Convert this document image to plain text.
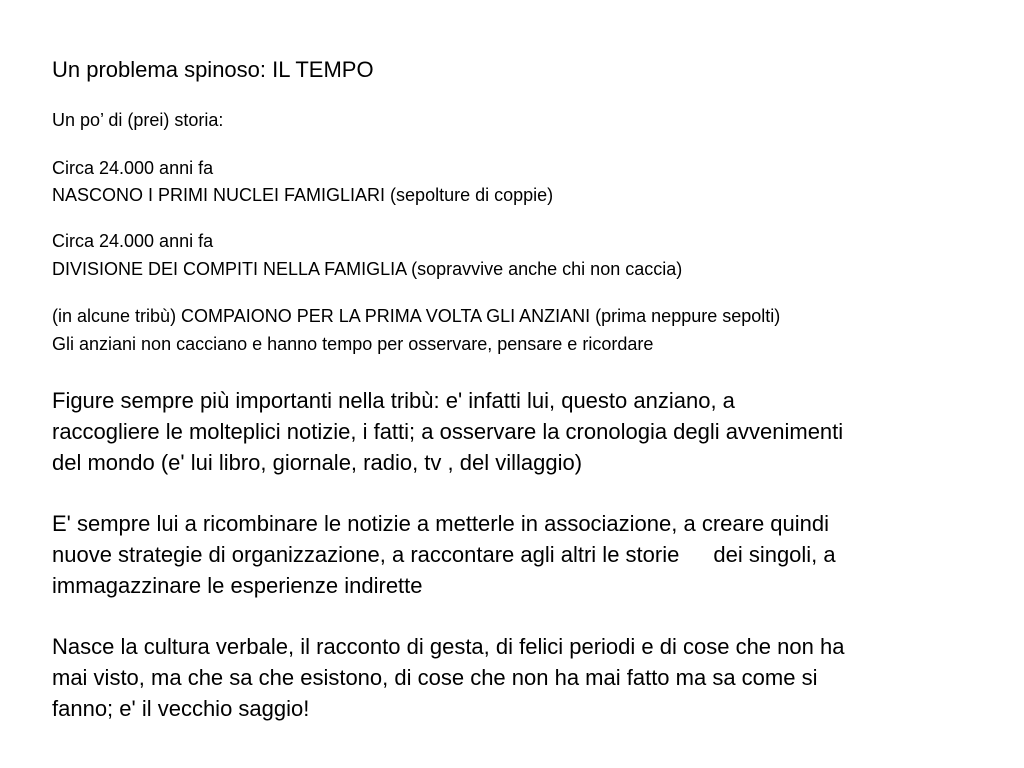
Un problema spinoso: IL TEMPO
Un po’ di (prei) storia:
Circa 24.000 anni fa
NASCONO I PRIMI NUCLEI FAMIGLIARI (sepolture di coppie)
Circa 24.000 anni fa
DIVISIONE DEI COMPITI NELLA FAMIGLIA (sopravvive anche chi non caccia)
(in alcune tribù) COMPAIONO PER LA PRIMA VOLTA GLI ANZIANI (prima neppure sepolti)
Gli anziani non cacciano e hanno tempo per osservare, pensare e ricordare
Figure sempre più importanti nella tribù: e' infatti lui, questo anziano, a
raccogliere le molteplici notizie, i fatti; a osservare la cronologia degli avvenimenti
del mondo (e' lui libro, giornale, radio, tv , del villaggio)
E' sempre lui a ricombinare le notizie a metterle in associazione, a creare quindi
nuove strategie di organizzazione, a raccontare agli altri le storie dei singoli, a
immagazzinare le esperienze indirette
Nasce la cultura verbale, il racconto di gesta, di felici periodi e di cose che non ha
mai visto, ma che sa che esistono, di cose che non ha mai fatto ma sa come si
fanno; e' il vecchio saggio!
